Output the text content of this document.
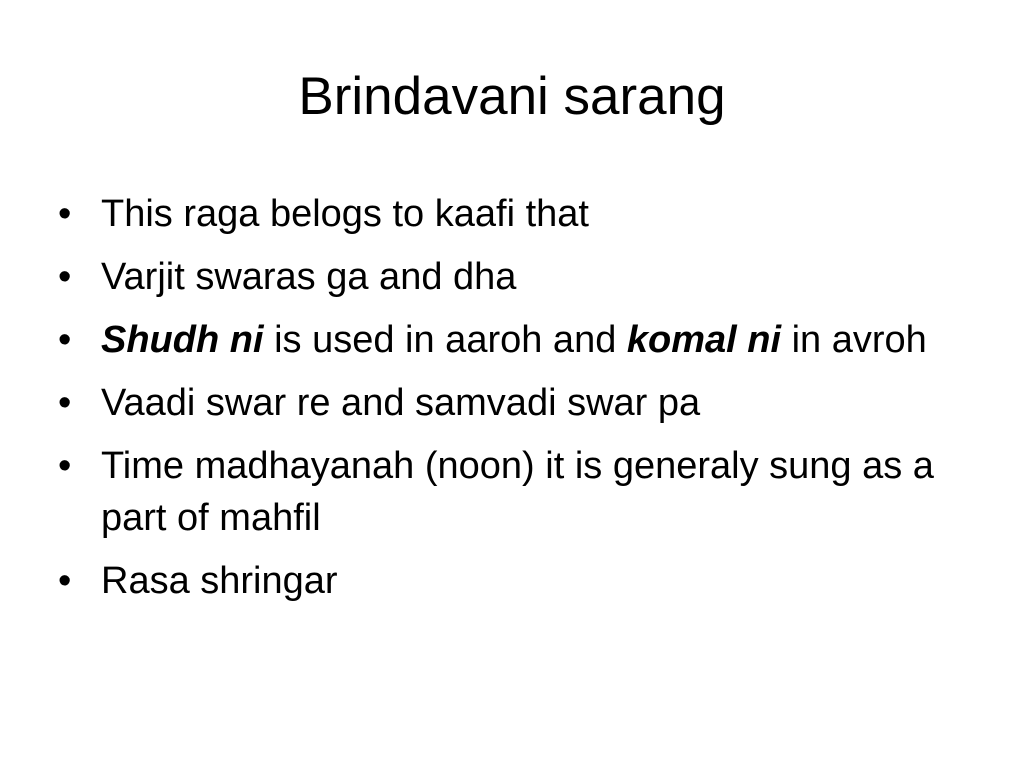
Brindavani sarang
• This raga belogs to kaafi that
• Varjit swaras ga and dha
• Shudh ni is used in aaroh and komal ni in avroh
• Vaadi swar re and samvadi swar pa
• Time madhayanah (noon) it is generaly sung as a part of mahfil
• Rasa shringar
